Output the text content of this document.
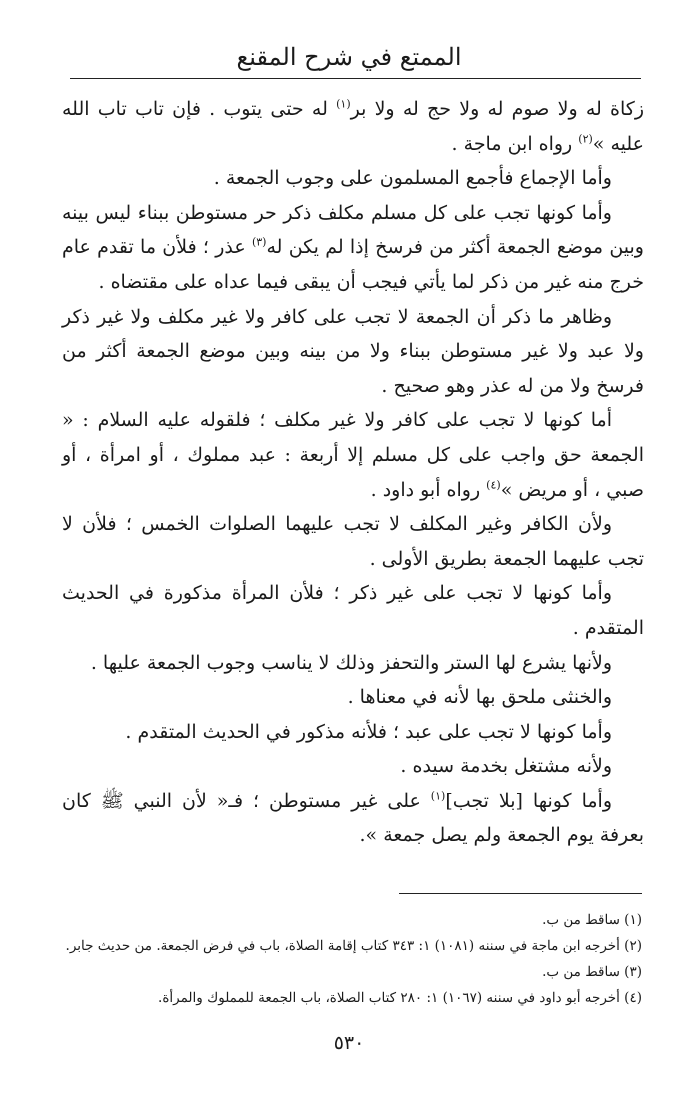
الممتع في شرح المقنع

زكاة له ولا صوم له ولا حج له ولا بر$^{(١)}$ له حتى يتوب . فإن تاب تاب الله عليه »$^{(٢)}$ رواه ابن ماجة .

وأما الإجماع فأجمع المسلمون على وجوب الجمعة .

وأما كونها تجب على كل مسلم مكلف ذكر حر مستوطن ببناء ليس بينه وبين موضع الجمعة أكثر من فرسخ إذا لم يكن له$^{(٣)}$ عذر ؛ فلأن ما تقدم عام خرج منه غير من ذكر لما يأتي فيجب أن يبقى فيما عداه على مقتضاه .

وظاهر ما ذكر أن الجمعة لا تجب على كافر ولا غير مكلف ولا غير ذكر ولا عبد ولا غير مستوطن ببناء ولا من بينه وبين موضع الجمعة أكثر من فرسخ ولا من له عذر وهو صحيح .

أما كونها لا تجب على كافر ولا غير مكلف ؛ فلقوله عليه السلام : « الجمعة حق واجب على كل مسلم إلا أربعة : عبد مملوك ، أو امرأة ، أو صبي ، أو مريض »$^{(٤)}$ رواه أبو داود .

ولأن الكافر وغير المكلف لا تجب عليهما الصلوات الخمس ؛ فلأن لا تجب عليهما الجمعة بطريق الأولى .

وأما كونها لا تجب على غير ذكر ؛ فلأن المرأة مذكورة في الحديث المتقدم .

ولأنها يشرع لها الستر والتحفز وذلك لا يناسب وجوب الجمعة عليها .

والخنثى ملحق بها لأنه في معناها .

وأما كونها لا تجب على عبد ؛ فلأنه مذكور في الحديث المتقدم .

ولأنه مشتغل بخدمة سيده .

وأما كونها [بلا تجب]$^{(١)}$ على غير مستوطن ؛ فـ« لأن النبي ﷺ كان بعرفة يوم الجمعة ولم يصل جمعة ».

(١) ساقط من ب.
(٢) أخرجه ابن ماجة في سننه (١٠٨١) ١: ٣٤٣ كتاب إقامة الصلاة، باب في فرض الجمعة. من حديث جابر.
(٣) ساقط من ب.
(٤) أخرجه أبو داود في سننه (١٠٦٧) ١: ٢٨٠ كتاب الصلاة، باب الجمعة للمملوك والمرأة.
٥٣٠
